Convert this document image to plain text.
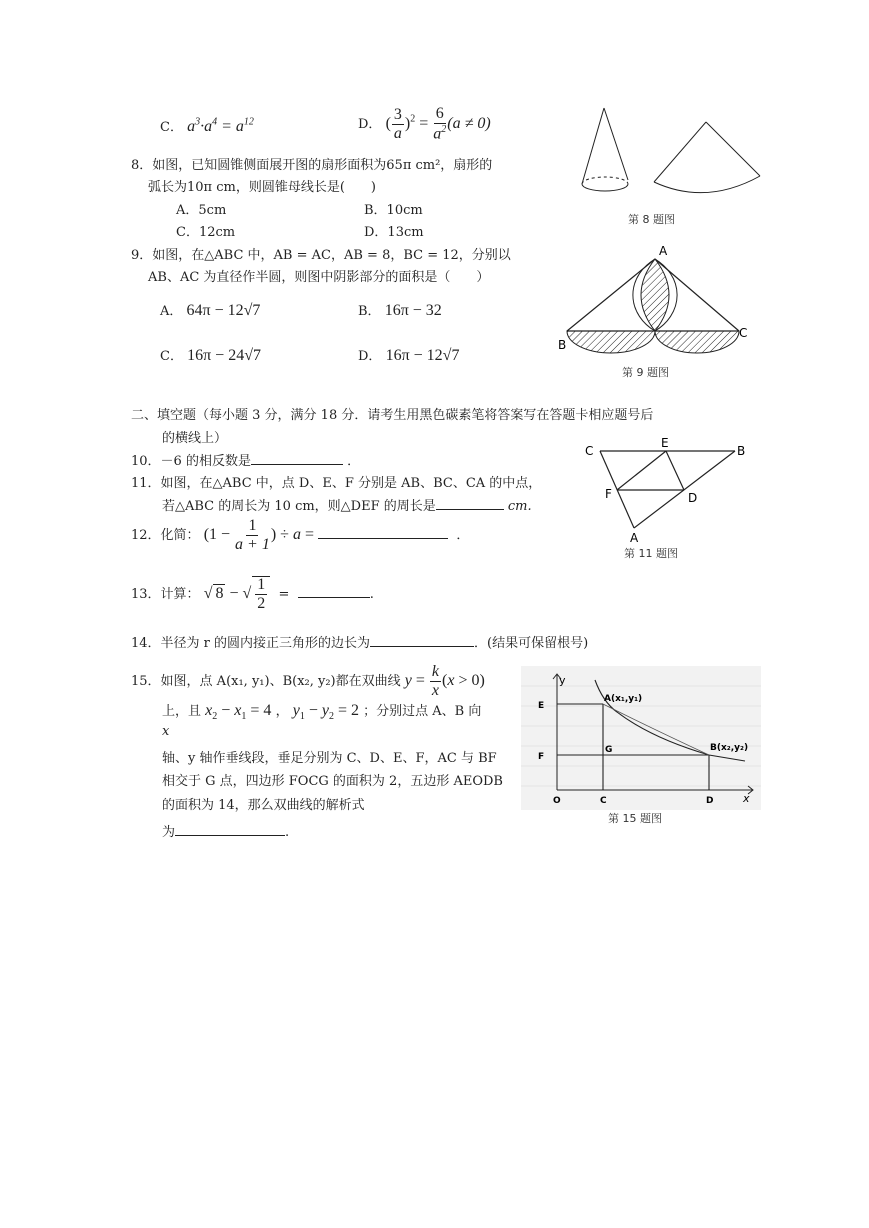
C． $a^3\cdot a^4 = a^{12}$	D． ( $\frac{3}{a} )^2 = \frac{6}{a^2} (a \ne 0)$
第 8 题图
8．如图，已知圆锥侧面展开图的扇形面积为65π cm²，扇形的
弧长为10π cm，则圆锥母线长是(　　)
A．5cm	B．10cm
C．12cm	D．13cm
9．如图，在△ABC 中，AB = AC，AB = 8，BC = 12，分别以
AB、AC 为直径作半圆，则图中阴影部分的面积是（　　）
A． 64π − 12√7	B． 16π − 32
C． 16π − 24√7	D． 16π − 12√7
A
B
C
第 9 题图
二、填空题（每小题 3 分，满分 18 分．请考生用黑色碳素笔将答案写在答题卡相应题号后
的横线上）
10．－6 的相反数是	．
11．如图，在△ABC 中，点 D、E、F 分别是 AB、BC、CA 的中点，
若△ABC 的周长为 10 cm，则△DEF 的周长是	cm.
C
E
B
F	D
A
第 11 题图
12．化简： ($1 - \frac{1}{a + 1}$ ) ÷ a =	．
13．计算： √ 8 − √ $\frac{1}{2}$ =	.
14．半径为 r 的圆内接正三角形的边长为	．(结果可保留根号)
15．如图，点 A(x₁, y₁)、B(x₂, y₂)都在双曲线 $y = \frac{k}{x} (x > 0)$
上，且 $x_2 - x_1 = 4$ ， $y_1 - y_2 = 2$ ；分别过点 A、B 向
x
轴、y 轴作垂线段，垂足分别为 C、D、E、F，AC 与 BF
相交于 G 点，四边形 FOCG 的面积为 2，五边形 AEODB
的面积为 14，那么双曲线的解析式
为	.
y
x
E
F
O	C	D
G
A(x₁,y₁)
B(x₂,y₂)
第 15 题图
